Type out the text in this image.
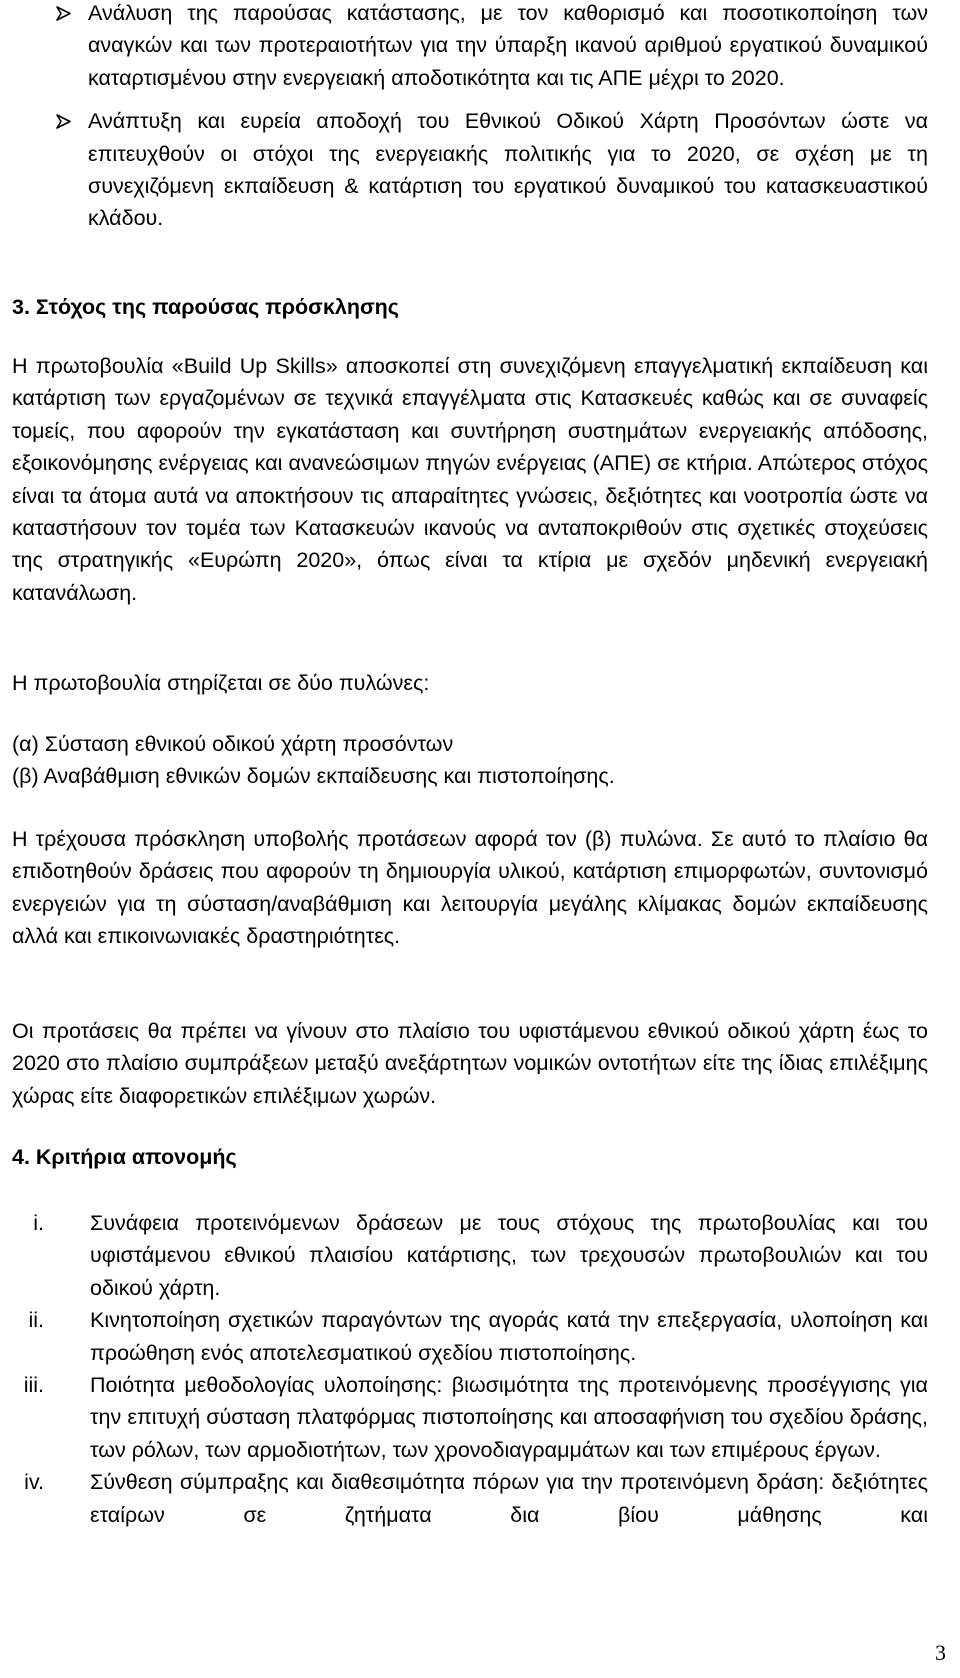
Ανάλυση της παρούσας κατάστασης, με τον καθορισμό και ποσοτικοποίηση των αναγκών και των προτεραιοτήτων για την ύπαρξη ικανού αριθμού εργατικού δυναμικού καταρτισμένου στην ενεργειακή αποδοτικότητα και τις ΑΠΕ μέχρι το 2020.
Ανάπτυξη και ευρεία αποδοχή του Εθνικού Οδικού Χάρτη Προσόντων ώστε να επιτευχθούν οι στόχοι της ενεργειακής πολιτικής για το 2020, σε σχέση με τη συνεχιζόμενη εκπαίδευση & κατάρτιση του εργατικού δυναμικού του κατασκευαστικού κλάδου.
3. Στόχος της παρούσας πρόσκλησης
Η πρωτοβουλία «Build Up Skills» αποσκοπεί στη συνεχιζόμενη επαγγελματική εκπαίδευση και κατάρτιση των εργαζομένων σε τεχνικά επαγγέλματα στις Κατασκευές καθώς και σε συναφείς τομείς, που αφορούν την εγκατάσταση και συντήρηση συστημάτων ενεργειακής απόδοσης, εξοικονόμησης ενέργειας και ανανεώσιμων πηγών ενέργειας (ΑΠΕ) σε κτήρια. Απώτερος στόχος είναι τα άτομα αυτά να αποκτήσουν τις απαραίτητες γνώσεις, δεξιότητες και νοοτροπία ώστε να καταστήσουν τον τομέα των Κατασκευών ικανούς να ανταποκριθούν στις σχετικές στοχεύσεις της στρατηγικής «Ευρώπη 2020», όπως είναι τα κτίρια με σχεδόν μηδενική ενεργειακή κατανάλωση.
Η πρωτοβουλία στηρίζεται σε δύο πυλώνες:
(α) Σύσταση εθνικού οδικού χάρτη προσόντων
(β) Αναβάθμιση εθνικών δομών εκπαίδευσης και πιστοποίησης.
Η τρέχουσα πρόσκληση υποβολής προτάσεων αφορά τον (β) πυλώνα. Σε αυτό το πλαίσιο θα επιδοτηθούν δράσεις που αφορούν τη δημιουργία υλικού, κατάρτιση επιμορφωτών, συντονισμό ενεργειών για τη σύσταση/αναβάθμιση και λειτουργία μεγάλης κλίμακας δομών εκπαίδευσης αλλά και επικοινωνιακές δραστηριότητες.
Οι προτάσεις θα πρέπει να γίνουν στο πλαίσιο του υφιστάμενου εθνικού οδικού χάρτη έως το 2020 στο πλαίσιο συμπράξεων μεταξύ ανεξάρτητων νομικών οντοτήτων είτε της ίδιας επιλέξιμης χώρας είτε διαφορετικών επιλέξιμων χωρών.
4. Κριτήρια απονομής
i. Συνάφεια προτεινόμενων δράσεων με τους στόχους της πρωτοβουλίας και του υφιστάμενου εθνικού πλαισίου κατάρτισης, των τρεχουσών πρωτοβουλιών και του οδικού χάρτη.
ii. Κινητοποίηση σχετικών παραγόντων της αγοράς κατά την επεξεργασία, υλοποίηση και προώθηση ενός αποτελεσματικού σχεδίου πιστοποίησης.
iii. Ποιότητα μεθοδολογίας υλοποίησης: βιωσιμότητα της προτεινόμενης προσέγγισης για την επιτυχή σύσταση πλατφόρμας πιστοποίησης και αποσαφήνιση του σχεδίου δράσης, των ρόλων, των αρμοδιοτήτων, των χρονοδιαγραμμάτων και των επιμέρους έργων.
iv. Σύνθεση σύμπραξης και διαθεσιμότητα πόρων για την προτεινόμενη δράση: δεξιότητες εταίρων σε ζητήματα δια βίου μάθησης και
3
